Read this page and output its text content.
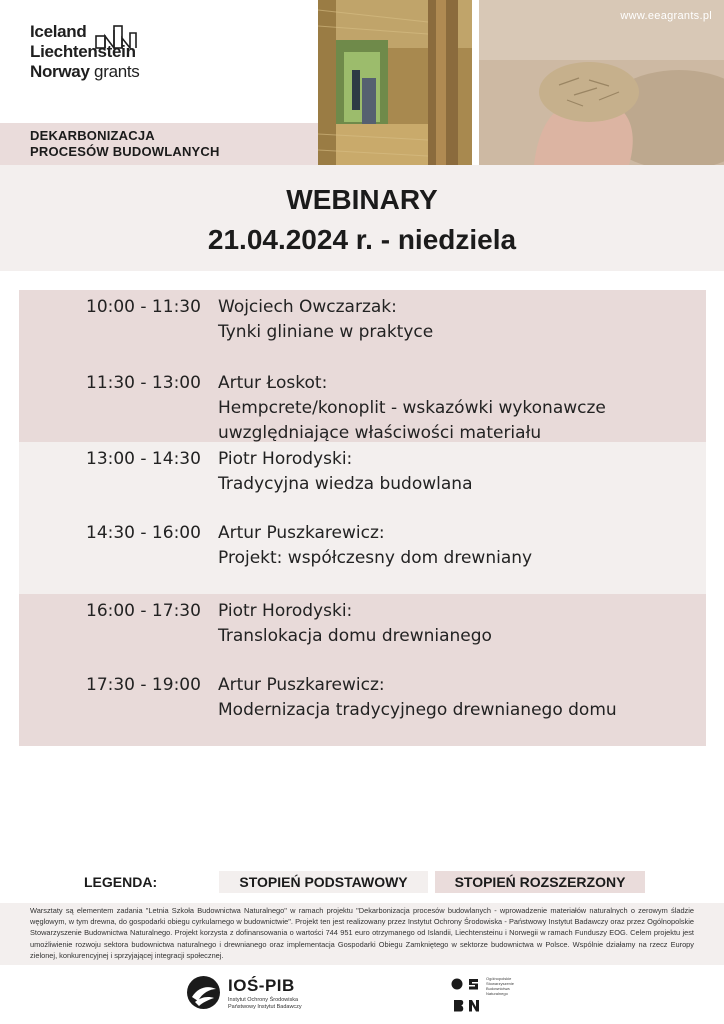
Iceland
Liechtenstein
Norway grants
DEKARBONIZACJA
PROCESÓW BUDOWLANYCH
www.eeagrants.pl
WEBINARY
21.04.2024 r. - niedziela
10:00 - 11:30	Wojciech Owczarzak:
Tynki gliniane w praktyce
11:30 - 13:00	Artur Łoskot:
Hempcrete/konoplit - wskazówki wykonawcze
uwzględniające właściwości materiału
13:00 - 14:30	Piotr Horodyski:
Tradycyjna wiedza budowlana
14:30 - 16:00	Artur Puszkarewicz:
Projekt: współczesny dom drewniany
16:00 - 17:30	Piotr Horodyski:
Translokacja domu drewnianego
17:30 - 19:00	Artur Puszkarewicz:
Modernizacja tradycyjnego drewnianego domu
LEGENDA:	STOPIEŃ PODSTAWOWY	STOPIEŃ ROZSZERZONY

Warsztaty są elementem zadania "Letnia Szkoła Budownictwa Naturalnego" w ramach projektu "Dekarbonizacja procesów budowlanych - wprowadzenie materiałów naturalnych o zerowym śladzie węglowym, w tym drewna, do gospodarki obiegu cyrkularnego w budownictwie". Projekt ten jest realizowany przez Instytut Ochrony Środowiska - Państwowy Instytut Badawczy oraz przez Ogólnopolskie Stowarzyszenie Budownictwa Naturalnego. Projekt korzysta z dofinansowania o wartości 744 951 euro otrzymanego od Islandii, Liechtensteinu i Norwegii w ramach Funduszy EOG. Celem projektu jest umożliwienie rozwoju sektora budownictwa naturalnego i drewnianego oraz implementacja Gospodarki Obiegu Zamkniętego w sektorze budownictwa w Polsce. Wspólnie działamy na rzecz Europy zielonej, konkurencyjnej i sprzyjającej integracji społecznej.

IOŚ-PIB
Instytut Ochrony Środowiska
Państwowy Instytut Badawczy
Ogólnopolskie
Stowarzyszenie
Budownictwa
Naturalnego
